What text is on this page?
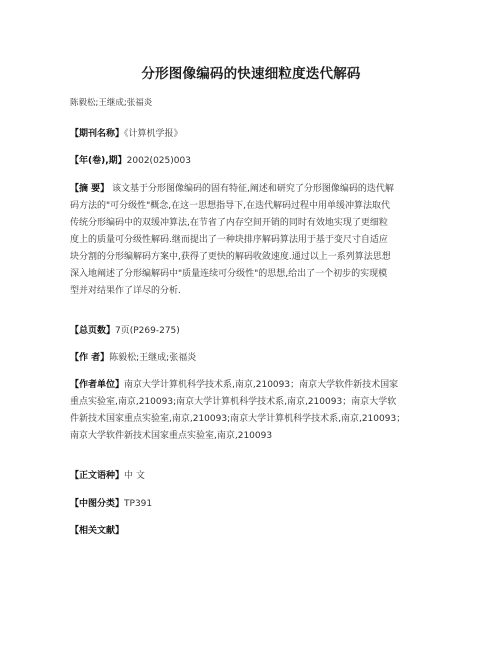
分形图像编码的快速细粒度迭代解码
陈毅松;王继成;张福炎
【期刊名称】《计算机学报》
【年(卷),期】2002(025)003
【摘 要】 该文基于分形图像编码的固有特征,阐述和研究了分形图像编码的迭代解
码方法的"可分级性"概念,在这一思想指导下,在迭代解码过程中用单缓冲算法取代
传统分形编码中的双缓冲算法,在节省了内存空间开销的同时有效地实现了更细粒
度上的质量可分级性解码.继而提出了一种块排序解码算法用于基于变尺寸自适应
块分割的分形编解码方案中,获得了更快的解码收敛速度.通过以上一系列算法思想
深入地阐述了分形编解码中"质量连续可分级性"的思想,给出了一个初步的实现模
型并对结果作了详尽的分析.
【总页数】7页(P269-275)
【作 者】陈毅松;王继成;张福炎
【作者单位】南京大学计算机科学技术系,南京,210093；南京大学软件新技术国家
重点实验室,南京,210093;南京大学计算机科学技术系,南京,210093；南京大学软
件新技术国家重点实验室,南京,210093;南京大学计算机科学技术系,南京,210093；
南京大学软件新技术国家重点实验室,南京,210093
【正文语种】中 文
【中图分类】TP391
【相关文献】
